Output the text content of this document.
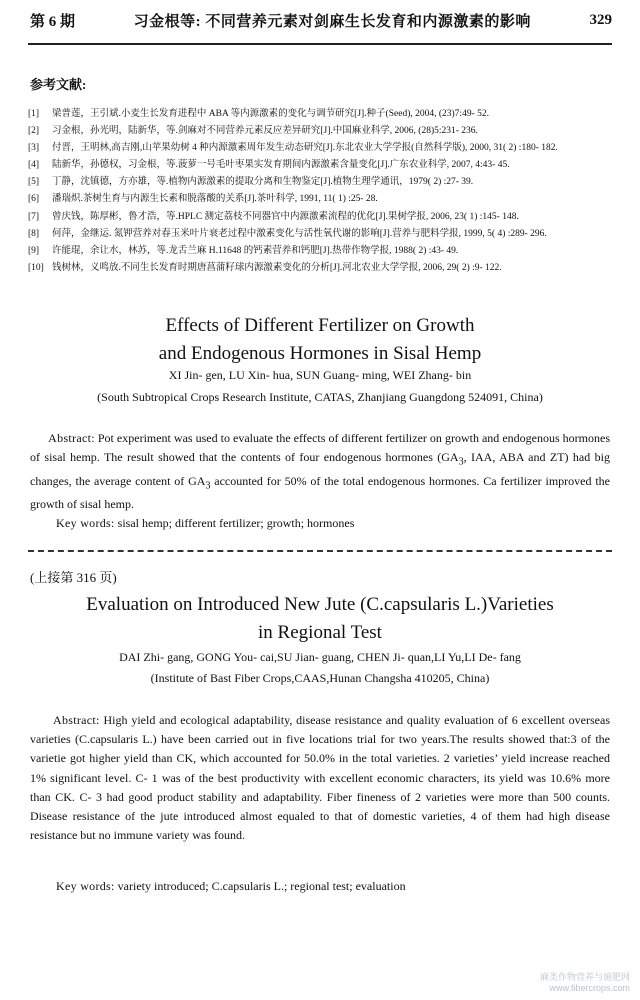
第 6 期	习金根等: 不同营养元素对剑麻生长发育和内源激素的影响	329
参考文献:
[1]	梁普莲，王引斌.小麦生长发育进程中 ABA 等内源激素的变化与调节研究[J].种子(Seed), 2004, (23)7:49- 52.
[2]	习金根，孙光明，陆新华，等.剑麻对不同营养元素反应差异研究[J].中国麻业科学, 2006, (28)5:231- 236.
[3]	付晋，王明林,高吉刚,山苹果幼树 4 种内源激素周年发生动态研究[J].东北农业大学学报(自然科学版), 2000, 31( 2) :180- 182.
[4]	陆新华，孙德权，习金根，等.菠萝一号毛叶枣果实发育期间内源激素含量变化[J].广东农业科学, 2007, 4:43- 45.
[5]	丁静，沈镇德，方亦雄，等.植物内源激素的提取分离和生物鉴定[J].植物生理学通讯，1979( 2) :27- 39.
[6]	潘瑞炽.茶树生育与内源生长素和脱落酸的关系[J].茶叶科学, 1991, 11( 1) :25- 28.
[7]	曾庆钱，陈厚彬，鲁才浩，等.HPLC 测定荔枝不同器官中内源激素流程的优化[J].果树学报, 2006, 23( 1) :145- 148.
[8]	何萍，金继运. 氮钾营养对春玉米叶片衰老过程中激素变化与活性氧代谢的影响[J].营养与肥料学报, 1999, 5( 4) :289- 296.
[9]	许能琨，余让水，林苏，等.龙舌兰麻 H.11648 的钙素营养和钙肥[J].热带作物学报, 1988( 2) :43- 49.
[10] 钱树林，义鸣放.不同生长发育时期唐菖蒲籽球内源激素变化的分析[J].河北农业大学学报, 2006, 29( 2) :9- 122.
Effects of Different Fertilizer on Growth
and Endogenous Hormones in Sisal Hemp
XI Jin- gen, LU Xin- hua, SUN Guang- ming, WEI Zhang- bin
(South Subtropical Crops Research Institute, CATAS, Zhanjiang Guangdong 524091, China)
Abstract: Pot experiment was used to evaluate the effects of different fertilizer on growth and endogenous hormones of sisal hemp. The result showed that the contents of four endogenous hormones ($GA_3$, IAA, ABA and ZT) had big changes, the average content of $GA_3$ accounted for 50% of the total endogenous hormones. Ca fertilizer improved the growth of sisal hemp.
Key words: sisal hemp; different fertilizer; growth; hormones
(上接第 316 页)
Evaluation on Introduced New Jute (C.capsularis L.)Varieties
in Regional Test
DAI Zhi- gang, GONG You- cai,SU Jian- guang, CHEN Ji- quan,LI Yu,LI De- fang
(Institute of Bast Fiber Crops,CAAS,Hunan Changsha 410205, China)
Abstract: High yield and ecological adaptability, disease resistance and quality evaluation of 6 excellent overseas varieties (C.capsularis L.) have been carried out in five locations trial for two years.The results showed that:3 of the varietie got higher yield than CK, which accounted for 50.0% in the total varieties. 2 varieties’ yield increase reached 1% significant level. C- 1 was of the best productivity with excellent economic characters, its yield was 10.6% more than CK. C- 3 had good product stability and adaptability. Fiber fineness of 2 varieties were more than 500 counts. Disease resistance of the jute introduced almost equaled to that of domestic varieties, 4 of them had high disease resistance but no immune variety was found.
Key words: variety introduced; C.capsularis L.; regional test; evaluation
麻类作物营养与施肥网
www.fibercrops.com
